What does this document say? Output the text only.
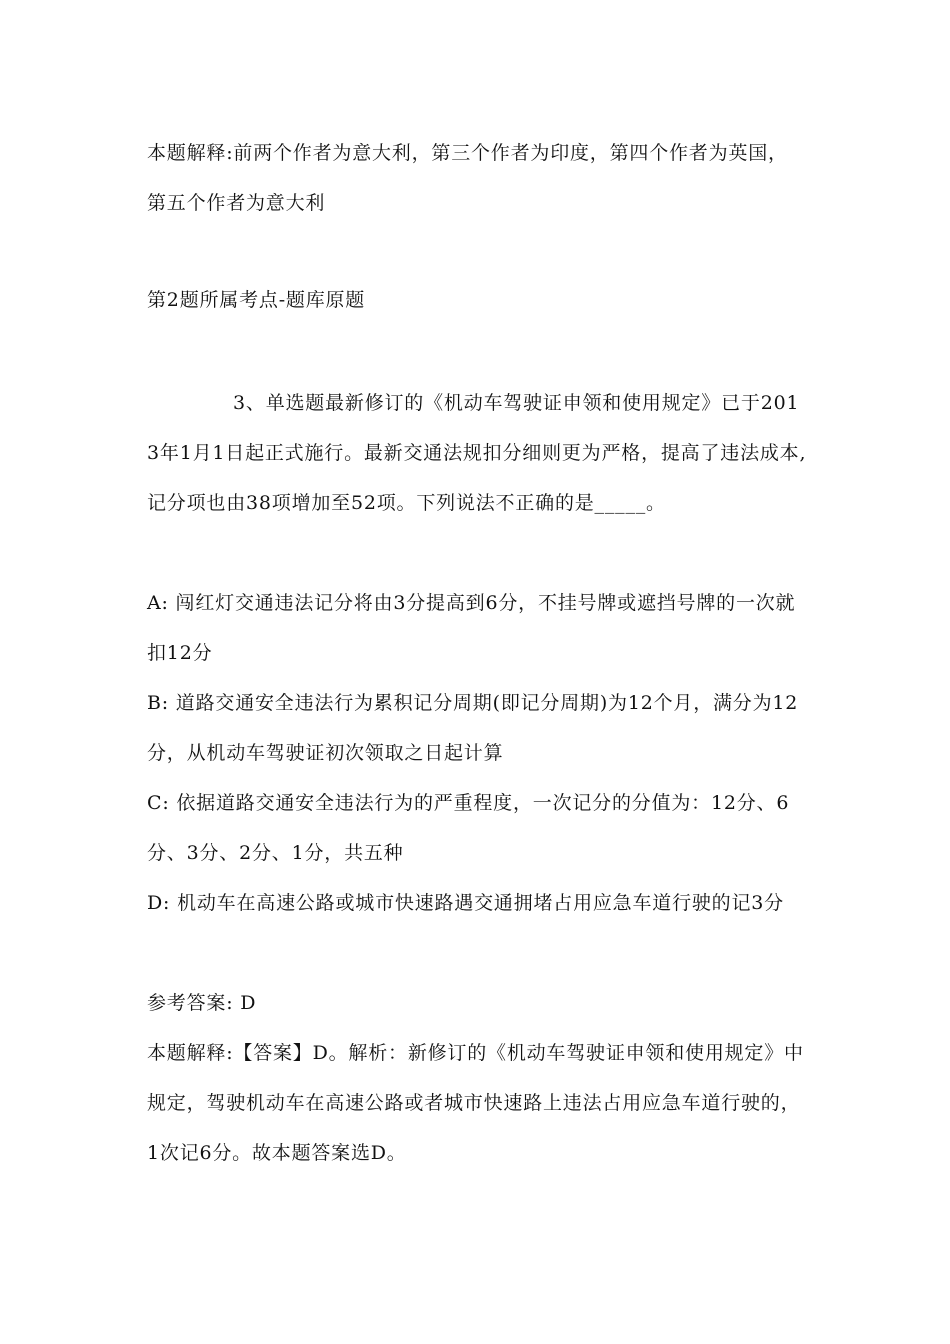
本题解释:前两个作者为意大利，第三个作者为印度，第四个作者为英国，第五个作者为意大利

第2题所属考点-题库原题

3、单选题最新修订的《机动车驾驶证申领和使用规定》已于2013年1月1日起正式施行。最新交通法规扣分细则更为严格，提高了违法成本,记分项也由38项增加至52项。下列说法不正确的是_____。

A: 闯红灯交通违法记分将由3分提高到6分，不挂号牌或遮挡号牌的一次就扣12分

B: 道路交通安全违法行为累积记分周期(即记分周期)为12个月，满分为12分，从机动车驾驶证初次领取之日起计算

C: 依据道路交通安全违法行为的严重程度，一次记分的分值为：12分、6分、3分、2分、1分，共五种

D: 机动车在高速公路或城市快速路遇交通拥堵占用应急车道行驶的记3分

参考答案: D

本题解释:【答案】D。解析：新修订的《机动车驾驶证申领和使用规定》中规定，驾驶机动车在高速公路或者城市快速路上违法占用应急车道行驶的，1次记6分。故本题答案选D。
